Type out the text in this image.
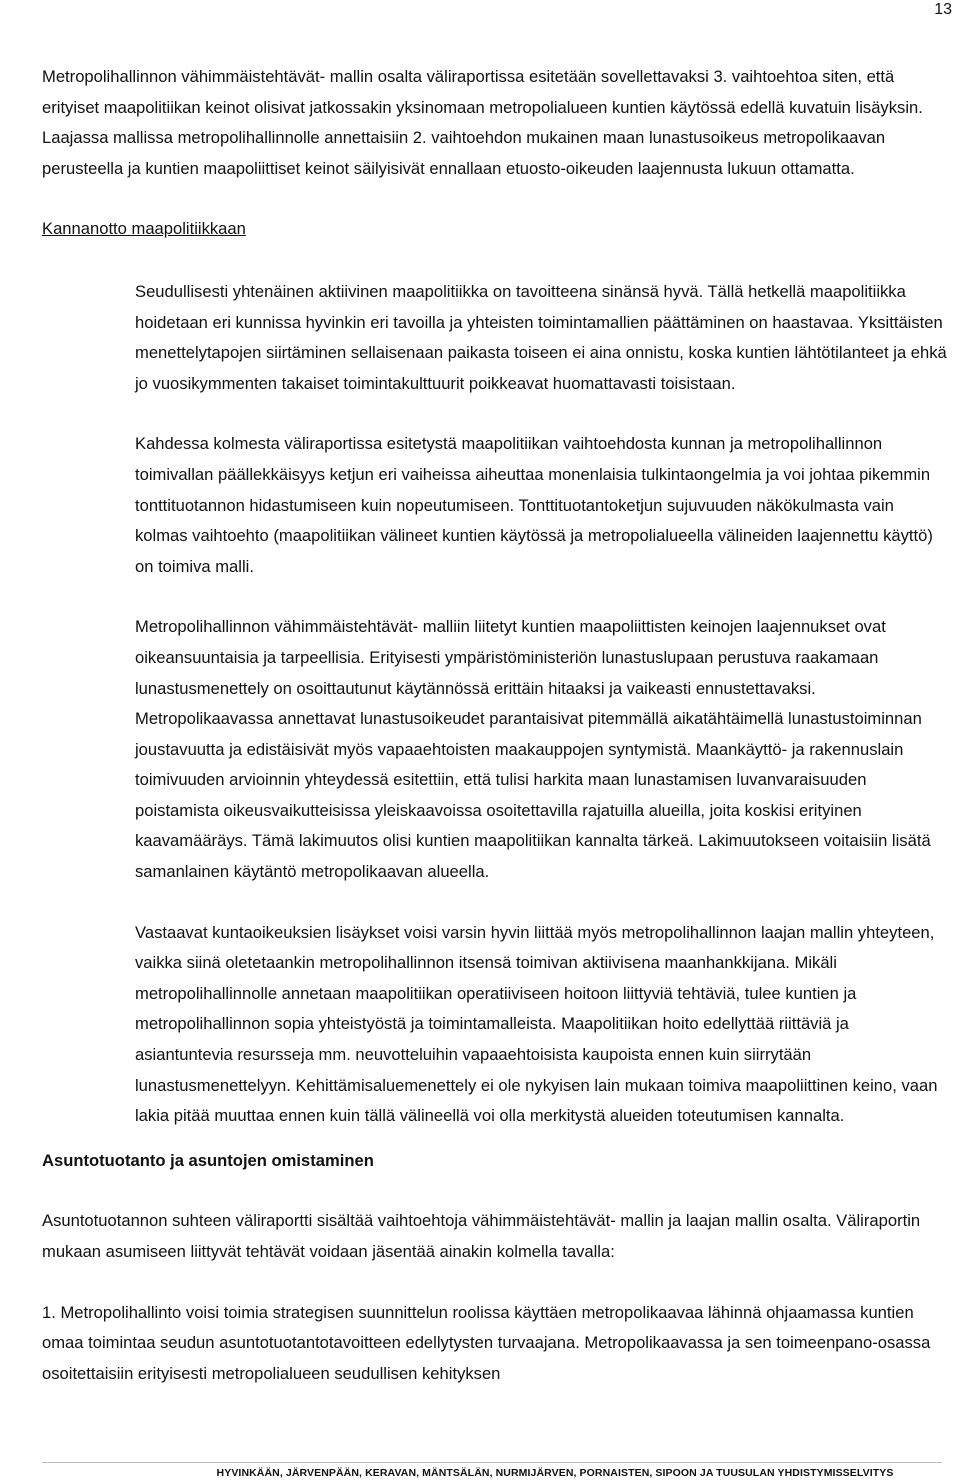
13

Metropolihallinnon vähimmäistehtävät- mallin osalta väliraportissa esitetään sovellettavaksi 3. vaihtoehtoa siten, että erityiset maapolitiikan keinot olisivat jatkossakin yksinomaan metropolialueen kuntien käytössä edellä kuvatuin lisäyksin. Laajassa mallissa metropolihallinnolle annettaisiin 2. vaihtoehdon mukainen maan lunastusoikeus metropolikaavan perusteella ja kuntien maapoliittiset keinot säilyisivät ennallaan etuosto-oikeuden laajennusta lukuun ottamatta.

Kannanotto maapolitiikkaan

Seudullisesti yhtenäinen aktiivinen maapolitiikka on tavoitteena sinänsä hyvä. Tällä hetkellä maapolitiikka hoidetaan eri kunnissa hyvinkin eri tavoilla ja yhteisten toimintamallien päättäminen on haastavaa. Yksittäisten menettelytapojen siirtäminen sellaisenaan paikasta toiseen ei aina onnistu, koska kuntien lähtötilanteet ja ehkä jo vuosikymmenten takaiset toimintakulttuurit poikkeavat huomattavasti toisistaan.

Kahdessa kolmesta väliraportissa esitetystä maapolitiikan vaihtoehdosta kunnan ja metropolihallinnon toimivallan päällekkäisyys ketjun eri vaiheissa aiheuttaa monenlaisia tulkintaongelmia ja voi johtaa pikemmin tonttituotannon hidastumiseen kuin nopeutumiseen. Tonttituotantoketjun sujuvuuden näkökulmasta vain kolmas vaihtoehto (maapolitiikan välineet kuntien käytössä ja metropolialueella välineiden laajennettu käyttö) on toimiva malli.

Metropolihallinnon vähimmäistehtävät- malliin liitetyt kuntien maapoliittisten keinojen laajennukset ovat oikeansuuntaisia ja tarpeellisia. Erityisesti ympäristöministeriön lunastuslupaan perustuva raakamaan lunastusmenettely on osoittautunut käytännössä erittäin hitaaksi ja vaikeasti ennustettavaksi. Metropolikaavassa annettavat lunastusoikeudet parantaisivat pitemmällä aikatähtäimellä lunastustoiminnan joustavuutta ja edistäisivät myös vapaaehtoisten maakauppojen syntymistä. Maankäyttö- ja rakennuslain toimivuuden arvioinnin yhteydessä esitettiin, että tulisi harkita maan lunastamisen luvanvaraisuuden poistamista oikeusvaikutteisissa yleiskaavoissa osoitettavilla rajatuilla alueilla, joita koskisi erityinen kaavamääräys. Tämä lakimuutos olisi kuntien maapolitiikan kannalta tärkeä. Lakimuutokseen voitaisiin lisätä samanlainen käytäntö metropolikaavan alueella.

Vastaavat kuntaoikeuksien lisäykset voisi varsin hyvin liittää myös metropolihallinnon laajan mallin yhteyteen, vaikka siinä oletetaankin metropolihallinnon itsensä toimivan aktiivisena maanhankkijana. Mikäli metropolihallinnolle annetaan maapolitiikan operatiiviseen hoitoon liittyviä tehtäviä, tulee kuntien ja metropolihallinnon sopia yhteistyöstä ja toimintamalleista. Maapolitiikan hoito edellyttää riittäviä ja asiantuntevia resursseja mm. neuvotteluihin vapaaehtoisista kaupoista ennen kuin siirrytään lunastusmenettelyyn. Kehittämisaluemenettely ei ole nykyisen lain mukaan toimiva maapoliittinen keino, vaan lakia pitää muuttaa ennen kuin tällä välineellä voi olla merkitystä alueiden toteutumisen kannalta.

Asuntotuotanto ja asuntojen omistaminen

Asuntotuotannon suhteen väliraportti sisältää vaihtoehtoja vähimmäistehtävät- mallin ja laajan mallin osalta. Väliraportin mukaan asumiseen liittyvät tehtävät voidaan jäsentää ainakin kolmella tavalla:

1. Metropolihallinto voisi toimia strategisen suunnittelun roolissa käyttäen metropolikaavaa lähinnä ohjaamassa kuntien omaa toimintaa seudun asuntotuotantotavoitteen edellytysten turvaajana. Metropolikaavassa ja sen toimeenpano-osassa osoitettaisiin erityisesti metropolialueen seudullisen kehityksen

HYVINKÄÄN, JÄRVENPÄÄN, KERAVAN, MÄNTSÄLÄN, NURMIJÄRVEN, PORNAISTEN, SIPOON JA TUUSULAN YHDISTYMISSELVITYS
